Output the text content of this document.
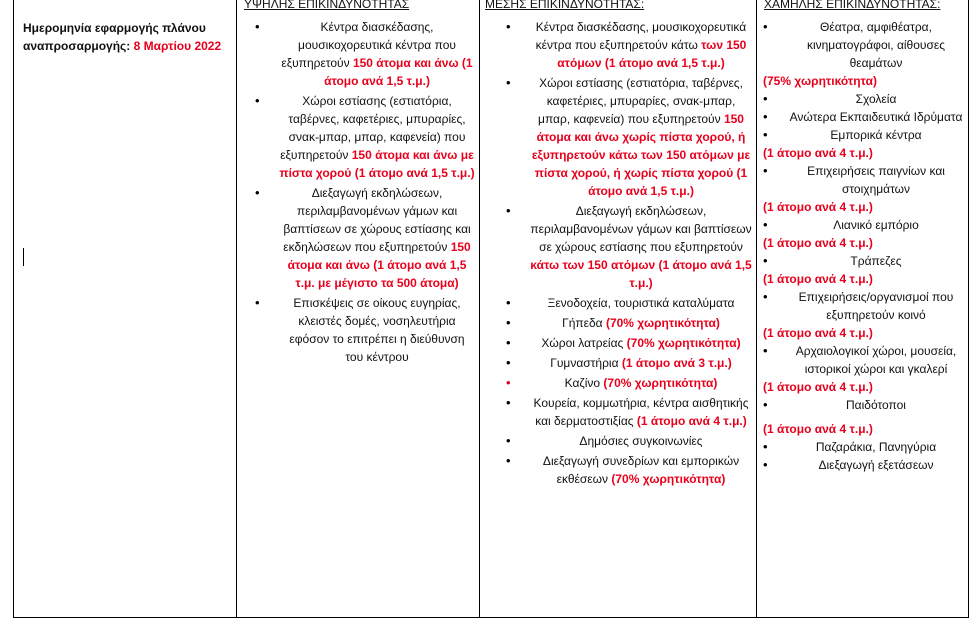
Ημερομηνία εφαρμογής πλάνου αναπροσαρμογής: 8 Μαρτίου 2022
ΥΨΗΛΗΣ ΕΠΙΚΙΝΔΥΝΟΤΗΤΑΣ
• Κέντρα διασκέδασης, μουσικοχορευτικά κέντρα που εξυπηρετούν 150 άτομα και άνω (1 άτομο ανά 1,5 τ.μ.)
• Χώροι εστίασης (εστιατόρια, ταβέρνες, καφετέριες, μπυραρίες, σνακ-μπαρ, μπαρ, καφενεία) που εξυπηρετούν 150 άτομα και άνω με πίστα χορού (1 άτομο ανά 1,5 τ.μ.)
• Διεξαγωγή εκδηλώσεων, περιλαμβανομένων γάμων και βαπτίσεων σε χώρους εστίασης και εκδηλώσεων που εξυπηρετούν 150 άτομα και άνω (1 άτομο ανά 1,5 τ.μ. με μέγιστο τα 500 άτομα)
• Επισκέψεις σε οίκους ευγηρίας, κλειστές δομές, νοσηλευτήρια εφόσον το επιτρέπει η διεύθυνση του κέντρου
ΜΕΣΗΣ ΕΠΙΚΙΝΔΥΝΟΤΗΤΑΣ:
• Κέντρα διασκέδασης, μουσικοχορευτικά κέντρα που εξυπηρετούν κάτω των 150 ατόμων (1 άτομο ανά 1,5 τ.μ.)
• Χώροι εστίασης (εστιατόρια, ταβέρνες, καφετέριες, μπυραρίες, σνακ-μπαρ, μπαρ, καφενεία) που εξυπηρετούν 150 άτομα και άνω χωρίς πίστα χορού, ή εξυπηρετούν κάτω των 150 ατόμων με πίστα χορού, ή χωρίς πίστα χορού (1 άτομο ανά 1,5 τ.μ.)
• Διεξαγωγή εκδηλώσεων, περιλαμβανομένων γάμων και βαπτίσεων σε χώρους εστίασης που εξυπηρετούν κάτω των 150 ατόμων (1 άτομο ανά 1,5 τ.μ.)
• Ξενοδοχεία, τουριστικά καταλύματα
• Γήπεδα (70% χωρητικότητα)
• Χώροι λατρείας (70% χωρητικότητα)
• Γυμναστήρια (1 άτομο ανά 3 τ.μ.)
• Καζίνο (70% χωρητικότητα)
• Κουρεία, κομμωτήρια, κέντρα αισθητικής και δερματοστιξίας (1 άτομο ανά 4 τ.μ.)
• Δημόσιες συγκοινωνίες
• Διεξαγωγή συνεδρίων και εμπορικών εκθέσεων (70% χωρητικότητα)
ΧΑΜΗΛΗΣ ΕΠΙΚΙΝΔΥΝΟΤΗΤΑΣ:
• Θέατρα, αμφιθέατρα, κινηματογράφοι, αίθουσες θεαμάτων
(75% χωρητικότητα)
• Σχολεία
• Ανώτερα Εκπαιδευτικά Ιδρύματα
• Εμπορικά κέντρα
(1 άτομο ανά 4 τ.μ.)
• Επιχειρήσεις παιγνίων και στοιχημάτων
(1 άτομο ανά 4 τ.μ.)
• Λιανικό εμπόριο
(1 άτομο ανά 4 τ.μ.)
• Τράπεζες
(1 άτομο ανά 4 τ.μ.)
• Επιχειρήσεις/οργανισμοί που εξυπηρετούν κοινό
(1 άτομο ανά 4 τ.μ.)
• Αρχαιολογικοί χώροι, μουσεία, ιστορικοί χώροι και γκαλερί
(1 άτομο ανά 4 τ.μ.)
• Παιδότοποι
(1 άτομο ανά 4 τ.μ.)
• Παζαράκια, Πανηγύρια
• Διεξαγωγή εξετάσεων
